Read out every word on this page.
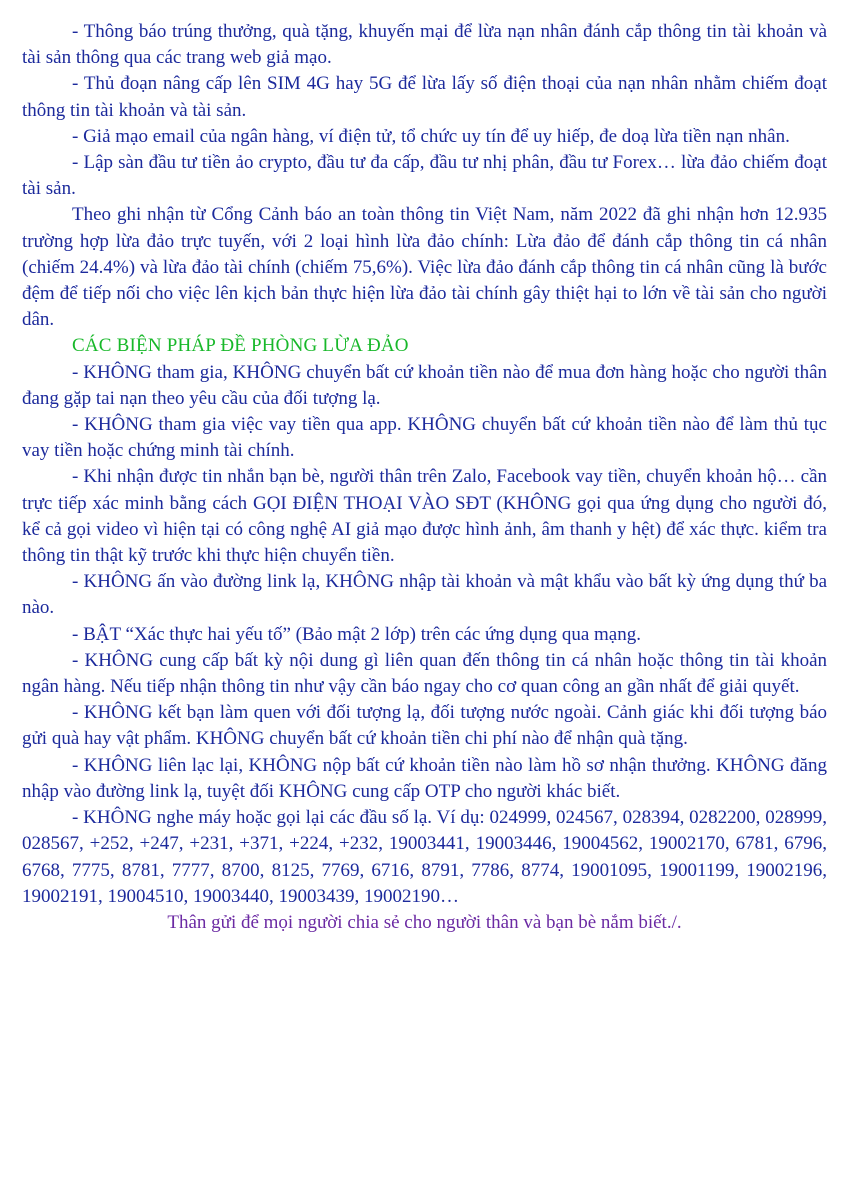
- Thông báo trúng thưởng, quà tặng, khuyến mại để lừa nạn nhân đánh cắp thông tin tài khoản và tài sản thông qua các trang web giả mạo.

- Thủ đoạn nâng cấp lên SIM 4G hay 5G để lừa lấy số điện thoại của nạn nhân nhằm chiếm đoạt thông tin tài khoản và tài sản.

- Giả mạo email của ngân hàng, ví điện tử, tổ chức uy tín để uy hiếp, đe doạ lừa tiền nạn nhân.

- Lập sàn đầu tư tiền ảo crypto, đầu tư đa cấp, đầu tư nhị phân, đầu tư Forex… lừa đảo chiếm đoạt tài sản.

Theo ghi nhận từ Cổng Cảnh báo an toàn thông tin Việt Nam, năm 2022 đã ghi nhận hơn 12.935 trường hợp lừa đảo trực tuyến, với 2 loại hình lừa đảo chính: Lừa đảo để đánh cắp thông tin cá nhân (chiếm 24.4%) và lừa đảo tài chính (chiếm 75,6%). Việc lừa đảo đánh cắp thông tin cá nhân cũng là bước đệm để tiếp nối cho việc lên kịch bản thực hiện lừa đảo tài chính gây thiệt hại to lớn về tài sản cho người dân.

CÁC BIỆN PHÁP ĐỀ PHÒNG LỪA ĐẢO

- KHÔNG tham gia, KHÔNG chuyển bất cứ khoản tiền nào để mua đơn hàng hoặc cho người thân đang gặp tai nạn theo yêu cầu của đối tượng lạ.

- KHÔNG tham gia việc vay tiền qua app. KHÔNG chuyển bất cứ khoản tiền nào để làm thủ tục vay tiền hoặc chứng minh tài chính.

- Khi nhận được tin nhắn bạn bè, người thân trên Zalo, Facebook vay tiền, chuyển khoản hộ… cần trực tiếp xác minh bằng cách GỌI ĐIỆN THOẠI VÀO SĐT (KHÔNG gọi qua ứng dụng cho người đó, kể cả gọi video vì hiện tại có công nghệ AI giả mạo được hình ảnh, âm thanh y hệt) để xác thực. kiểm tra thông tin thật kỹ trước khi thực hiện chuyển tiền.

- KHÔNG ấn vào đường link lạ, KHÔNG nhập tài khoản và mật khẩu vào bất kỳ ứng dụng thứ ba nào.

- BẬT “Xác thực hai yếu tố” (Bảo mật 2 lớp) trên các ứng dụng qua mạng.

- KHÔNG cung cấp bất kỳ nội dung gì liên quan đến thông tin cá nhân hoặc thông tin tài khoản ngân hàng. Nếu tiếp nhận thông tin như vậy cần báo ngay cho cơ quan công an gần nhất để giải quyết.

- KHÔNG kết bạn làm quen với đối tượng lạ, đối tượng nước ngoài. Cảnh giác khi đối tượng báo gửi quà hay vật phẩm. KHÔNG chuyển bất cứ khoản tiền chi phí nào để nhận quà tặng.

- KHÔNG liên lạc lại, KHÔNG nộp bất cứ khoản tiền nào làm hồ sơ nhận thưởng. KHÔNG đăng nhập vào đường link lạ, tuyệt đối KHÔNG cung cấp OTP cho người khác biết.

- KHÔNG nghe máy hoặc gọi lại các đầu số lạ. Ví dụ: 024999, 024567, 028394, 0282200, 028999, 028567, +252, +247, +231, +371, +224, +232, 19003441, 19003446, 19004562, 19002170, 6781, 6796, 6768, 7775, 8781, 7777, 8700, 8125, 7769, 6716, 8791, 7786, 8774, 19001095, 19001199, 19002196, 19002191, 19004510, 19003440, 19003439, 19002190…

Thân gửi để mọi người chia sẻ cho người thân và bạn bè nắm biết./.
